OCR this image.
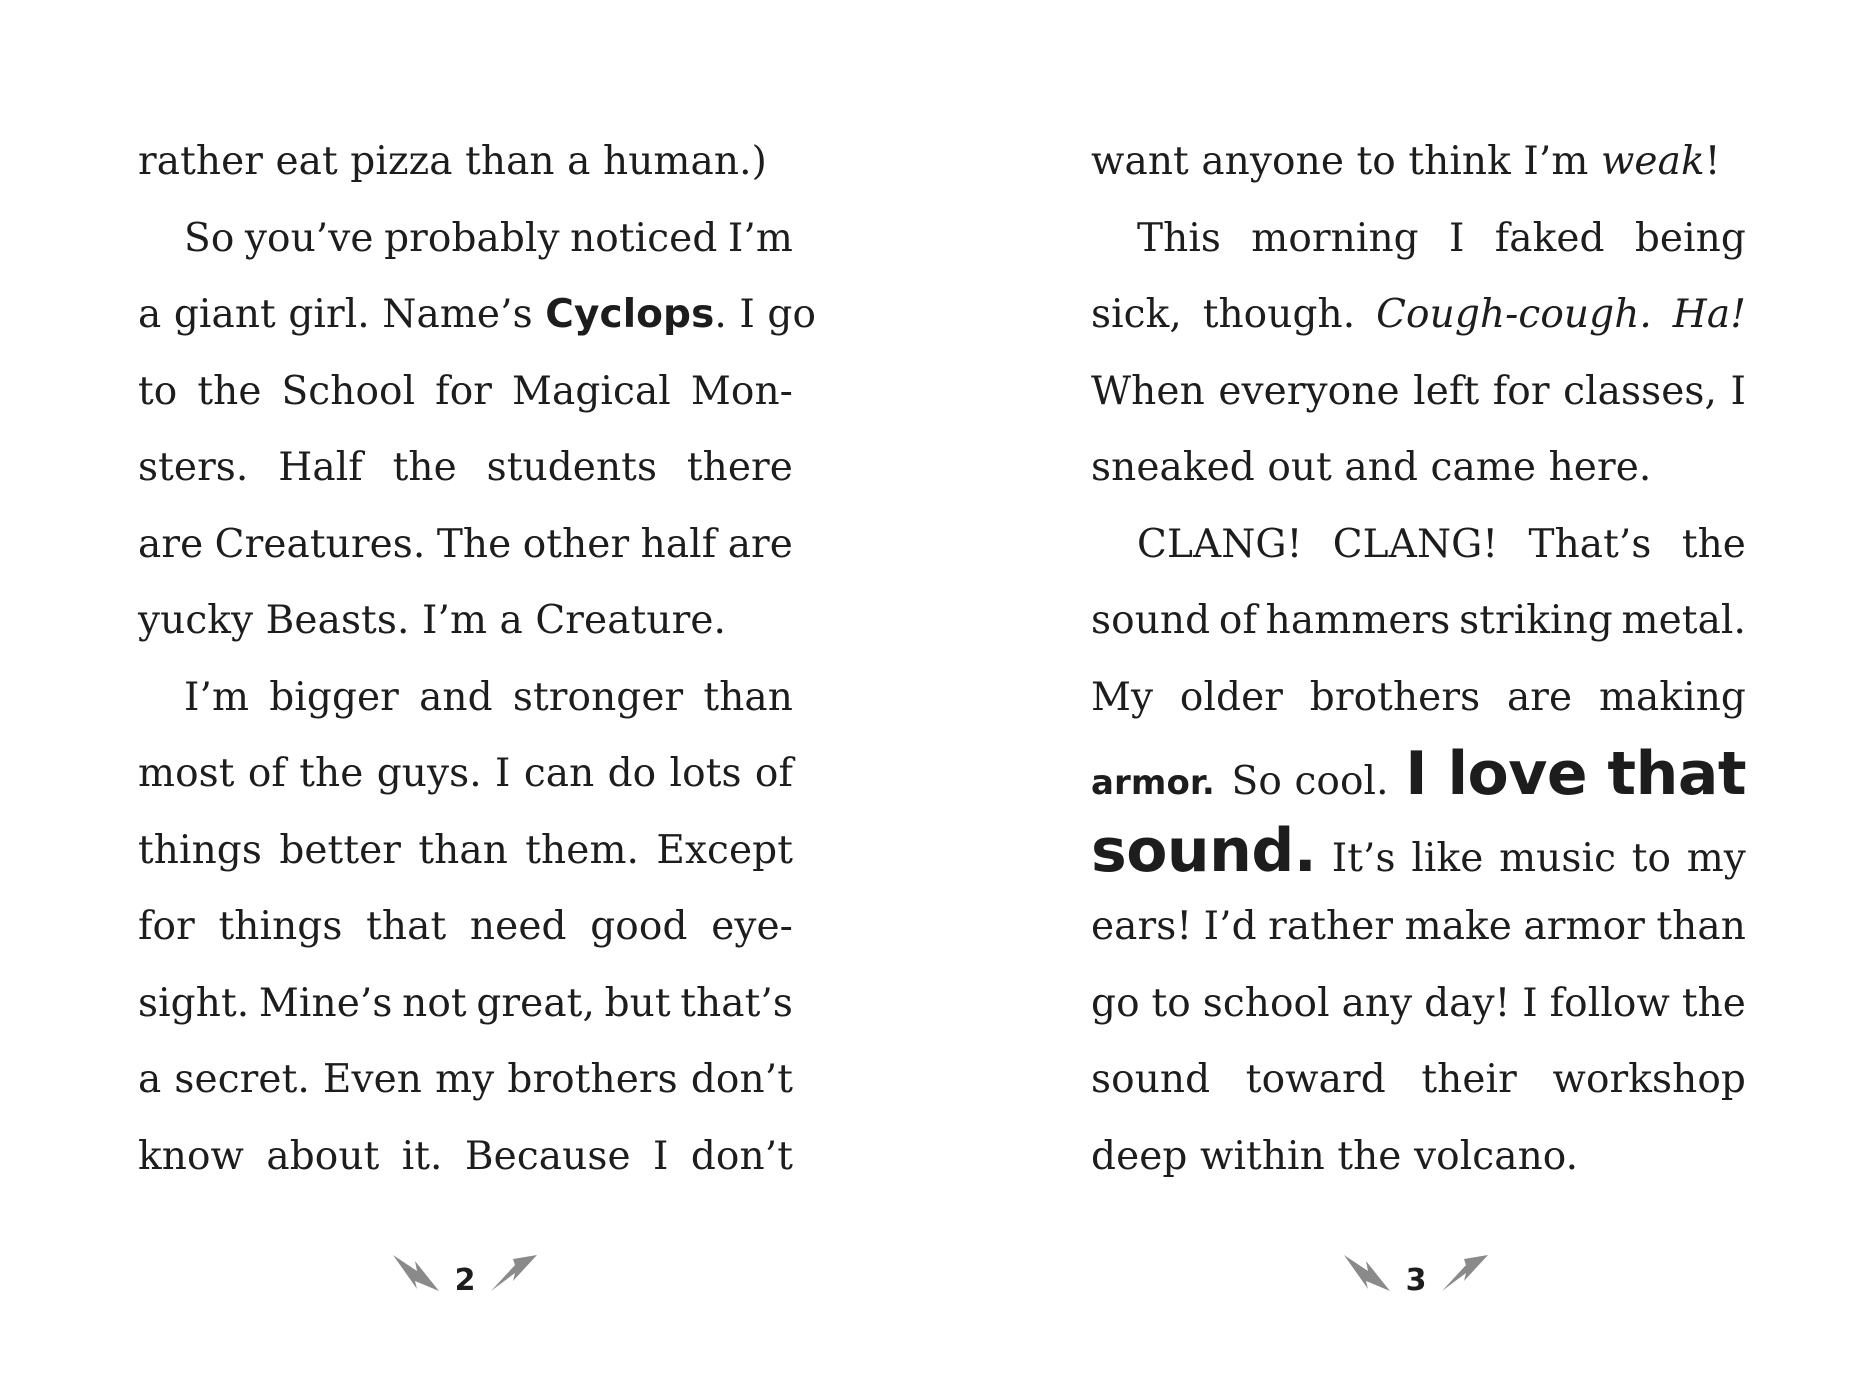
rather eat pizza than a human.)
So you’ve probably noticed I’m
a giant girl. Name’s Cyclops. I go
to the School for Magical Mon-
sters. Half the students there
are Creatures. The other half are
yucky Beasts. I’m a Creature.
I’m bigger and stronger than
most of the guys. I can do lots of
things better than them. Except
for things that need good eye-
sight. Mine’s not great, but that’s
a secret. Even my brothers don’t
know about it. Because I don’t
want anyone to think I’m weak!
This morning I faked being
sick, though. Cough-cough. Ha!
When everyone left for classes, I
sneaked out and came here.
CLANG! CLANG! That’s the
sound of hammers striking metal.
My older brothers are making
armor. So cool. I love that
sound. It’s like music to my
ears! I’d rather make armor than
go to school any day! I follow the
sound toward their workshop
deep within the volcano.
2	3
